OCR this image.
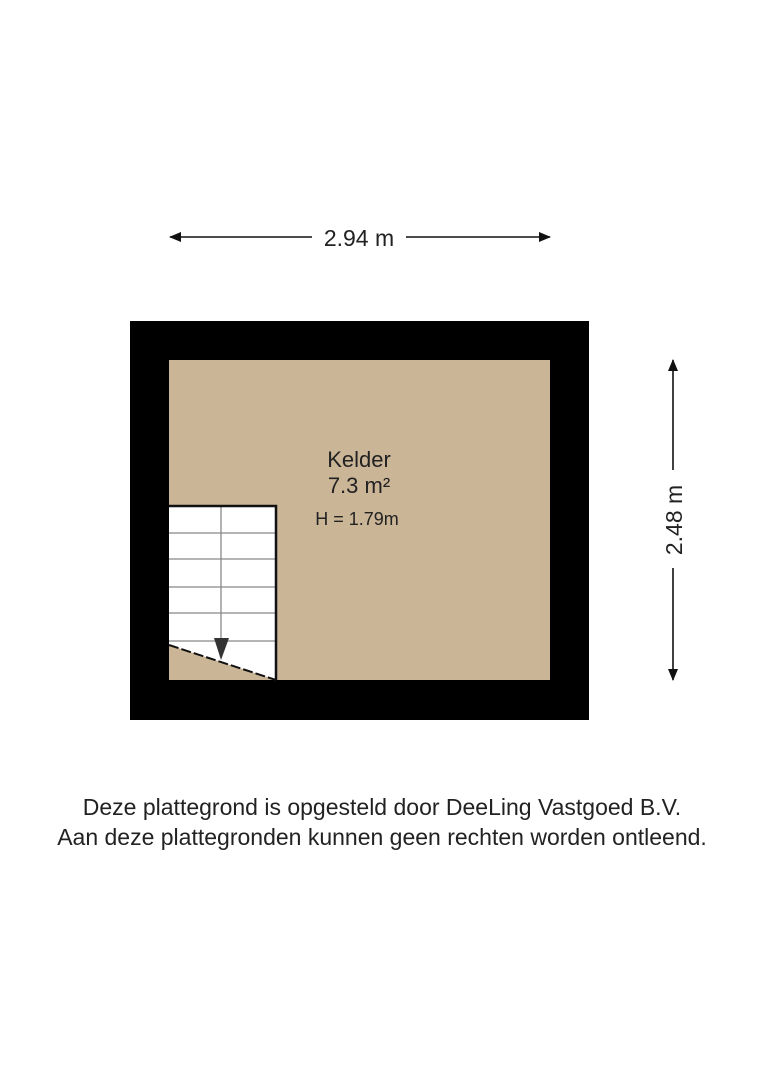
2.94 m
2.48 m
Kelder
7.3 m²
H = 1.79m
Deze plattegrond is opgesteld door DeeLing Vastgoed B.V.
Aan deze plattegronden kunnen geen rechten worden ontleend.
